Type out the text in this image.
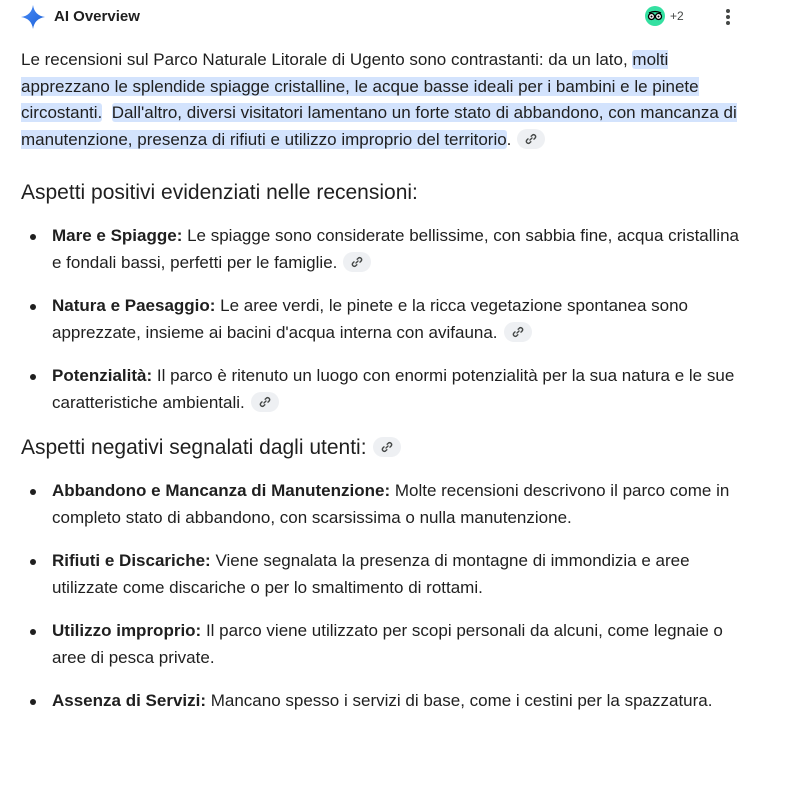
AI Overview	+2

Le recensioni sul Parco Naturale Litorale di Ugento sono contrastanti: da un lato, molti apprezzano le splendide spiagge cristalline, le acque basse ideali per i bambini e le pinete circostanti. Dall'altro, diversi visitatori lamentano un forte stato di abbandono, con mancanza di manutenzione, presenza di rifiuti e utilizzo improprio del territorio.

Aspetti positivi evidenziati nelle recensioni:
Mare e Spiagge: Le spiagge sono considerate bellissime, con sabbia fine, acqua cristallina e fondali bassi, perfetti per le famiglie.
Natura e Paesaggio: Le aree verdi, le pinete e la ricca vegetazione spontanea sono apprezzate, insieme ai bacini d'acqua interna con avifauna.
Potenzialità: Il parco è ritenuto un luogo con enormi potenzialità per la sua natura e le sue caratteristiche ambientali.
Aspetti negativi segnalati dagli utenti:
Abbandono e Mancanza di Manutenzione: Molte recensioni descrivono il parco come in completo stato di abbandono, con scarsissima o nulla manutenzione.
Rifiuti e Discariche: Viene segnalata la presenza di montagne di immondizia e aree utilizzate come discariche o per lo smaltimento di rottami.
Utilizzo improprio: Il parco viene utilizzato per scopi personali da alcuni, come legnaie o aree di pesca private.
Assenza di Servizi: Mancano spesso i servizi di base, come i cestini per la spazzatura.
